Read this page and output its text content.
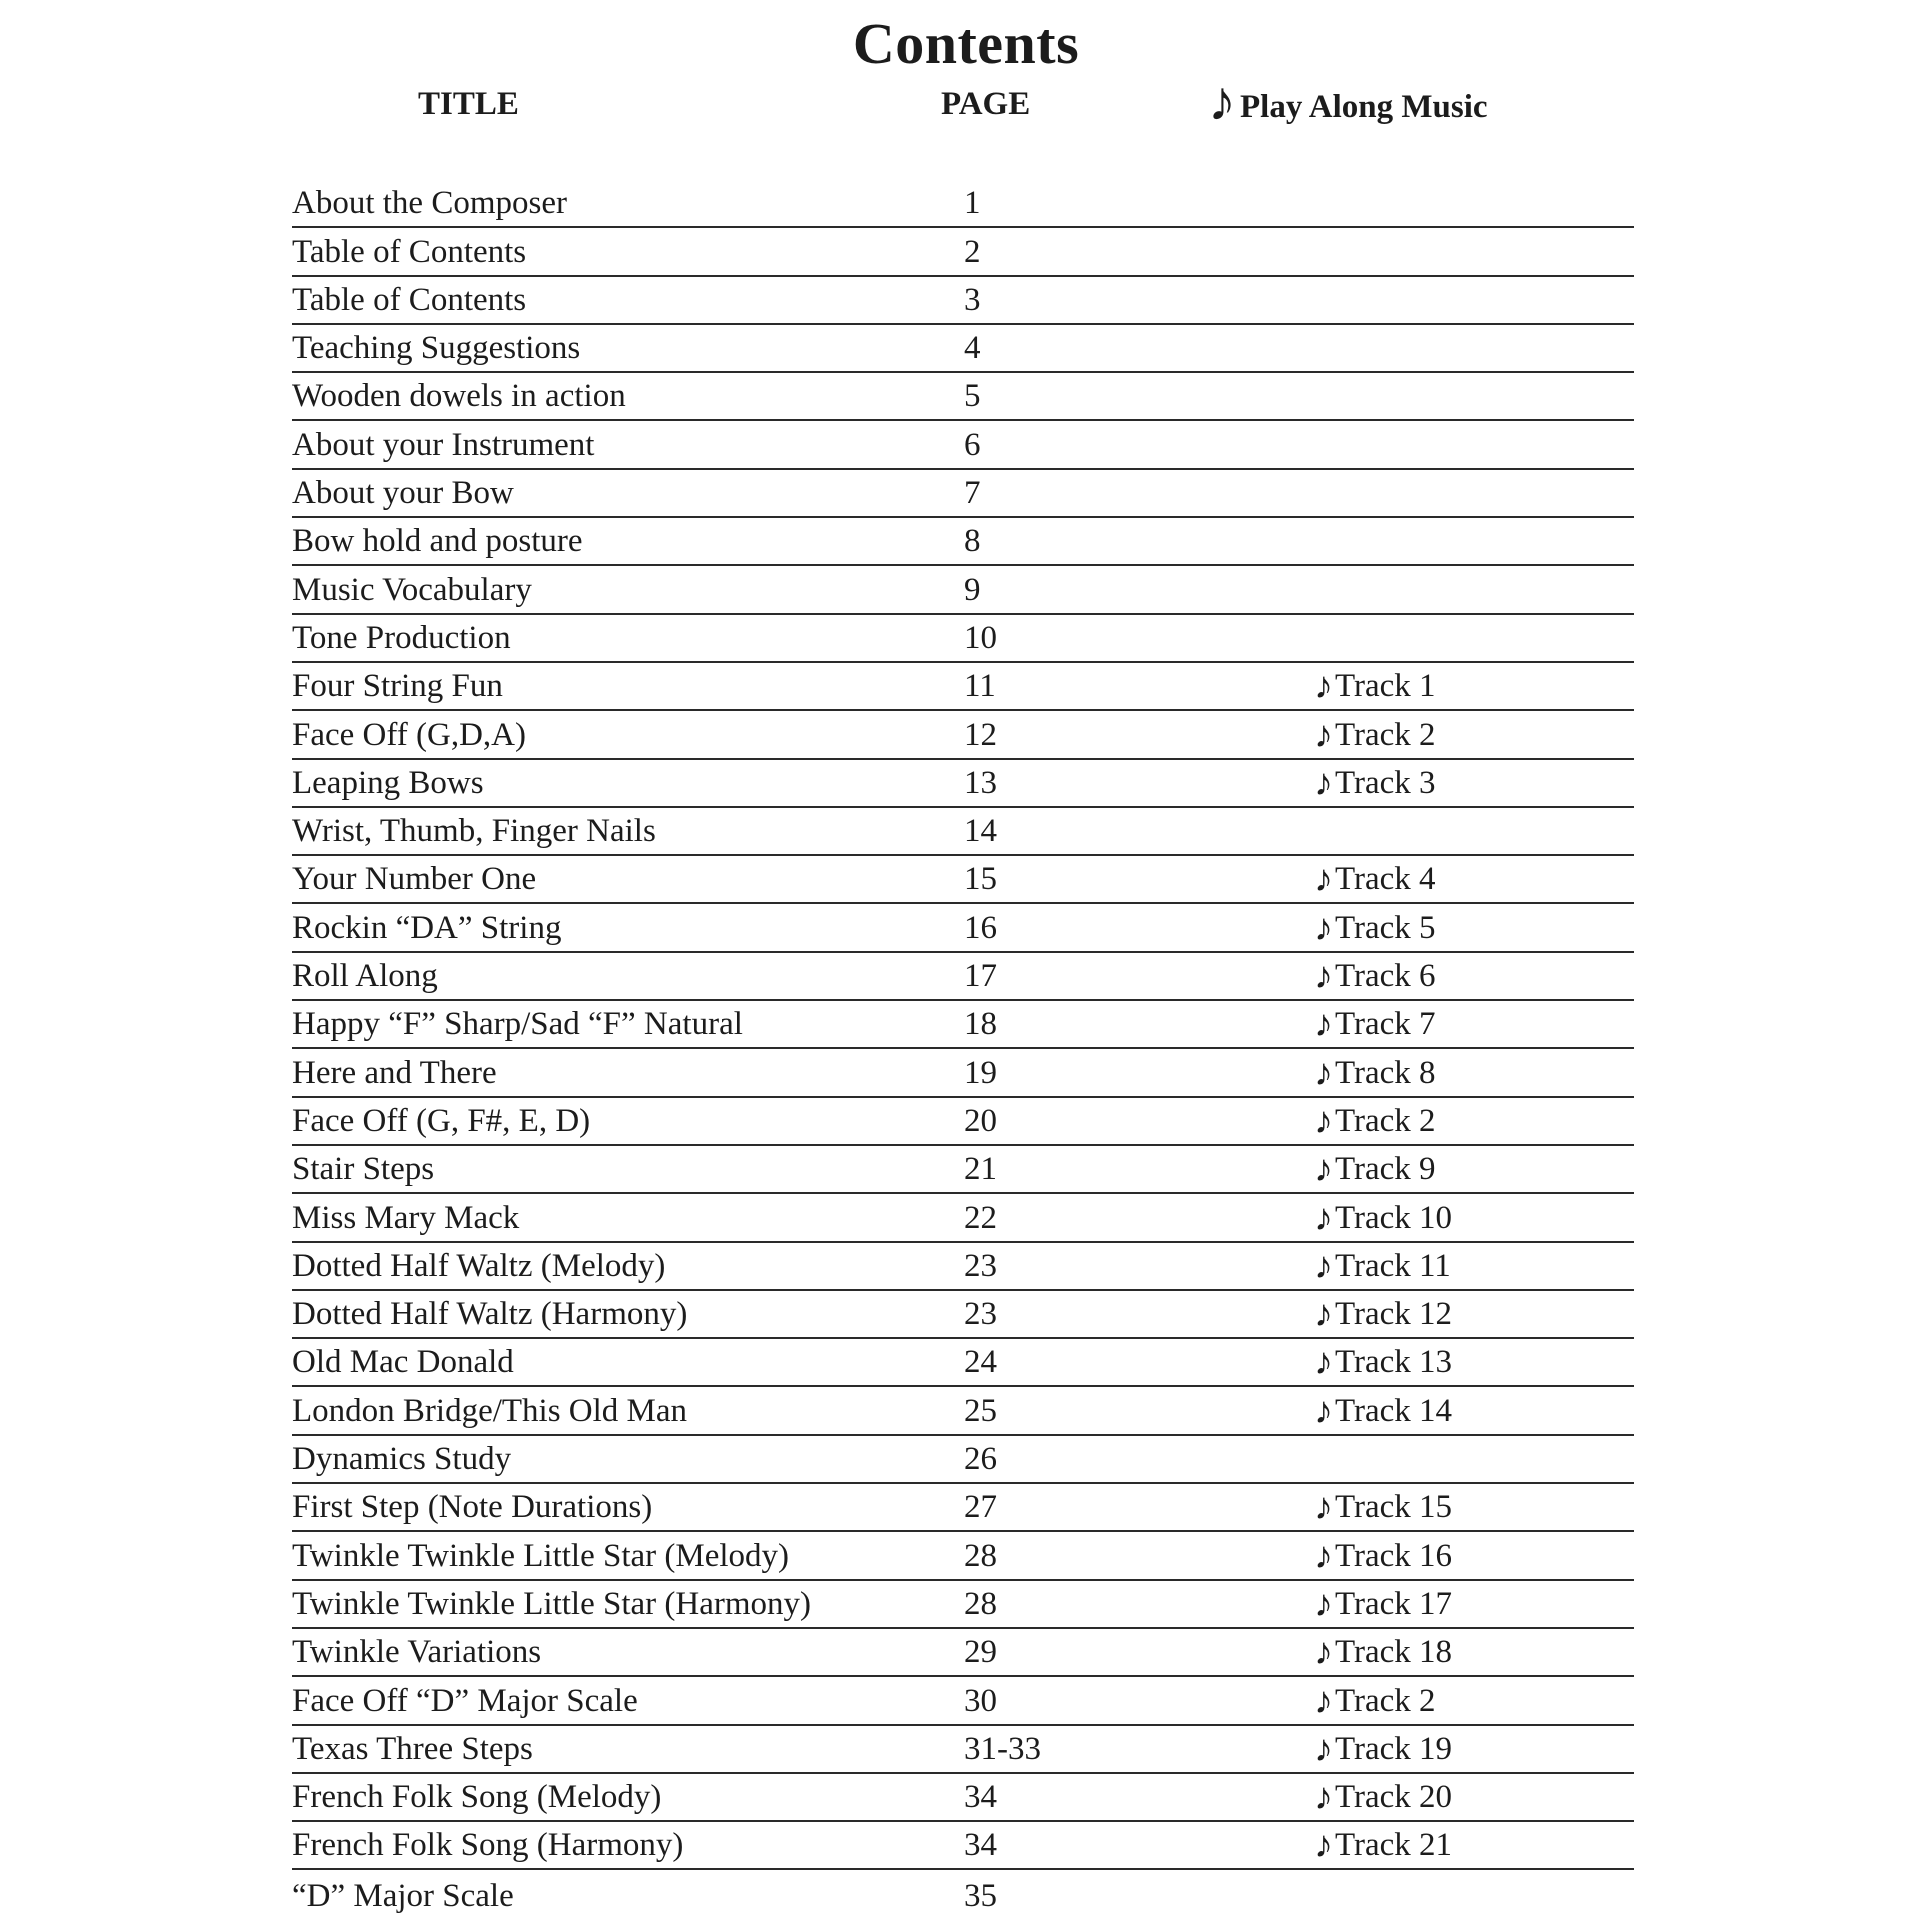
Contents
TITLE	PAGE	♪ Play Along Music
About the Composer	1
Table of Contents	2
Table of Contents	3
Teaching Suggestions	4
Wooden dowels in action	5
About your Instrument	6
About your Bow	7
Bow hold and posture	8
Music Vocabulary	9
Tone Production	10
Four String Fun	11	♪ Track 1
Face Off (G,D,A)	12	♪ Track 2
Leaping Bows	13	♪ Track 3
Wrist, Thumb, Finger Nails	14
Your Number One	15	♪ Track 4
Rockin “DA” String	16	♪ Track 5
Roll Along	17	♪ Track 6
Happy “F” Sharp/Sad “F” Natural	18	♪ Track 7
Here and There	19	♪ Track 8
Face Off (G, F#, E, D)	20	♪ Track 2
Stair Steps	21	♪ Track 9
Miss Mary Mack	22	♪ Track 10
Dotted Half Waltz (Melody)	23	♪ Track 11
Dotted Half Waltz (Harmony)	23	♪ Track 12
Old Mac Donald	24	♪ Track 13
London Bridge/This Old Man	25	♪ Track 14
Dynamics Study	26
First Step (Note Durations)	27	♪ Track 15
Twinkle Twinkle Little Star (Melody)	28	♪ Track 16
Twinkle Twinkle Little Star (Harmony)	28	♪ Track 17
Twinkle Variations	29	♪ Track 18
Face Off “D” Major Scale	30	♪ Track 2
Texas Three Steps	31-33	♪ Track 19
French Folk Song (Melody)	34	♪ Track 20
French Folk Song (Harmony)	34	♪ Track 21
“D” Major Scale	35
